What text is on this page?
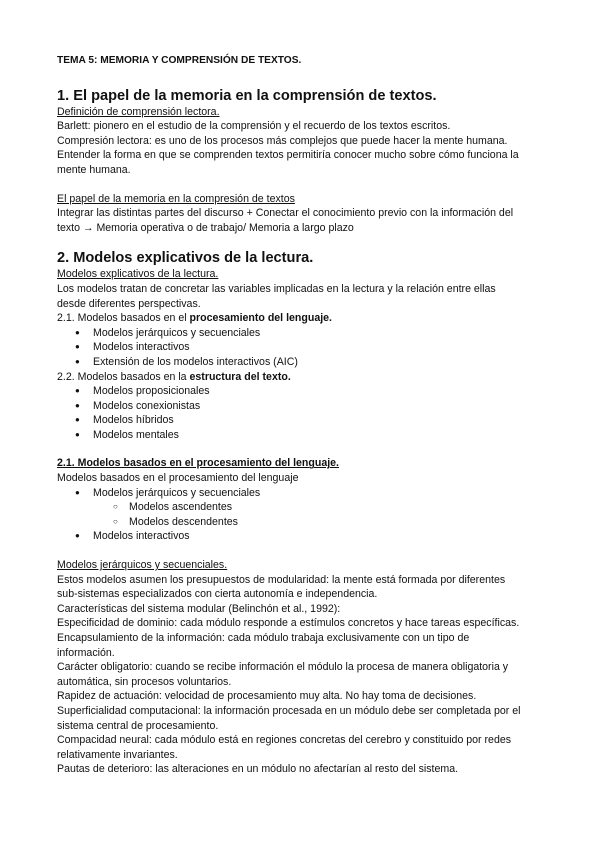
TEMA 5: MEMORIA Y COMPRENSIÓN DE TEXTOS.

1. El papel de la memoria en la comprensión de textos.

Definición de comprensión lectora.

Barlett: pionero en el estudio de la comprensión y el recuerdo de los textos escritos.

Compresión lectora: es uno de los procesos más complejos que puede hacer la mente humana.

Entender la forma en que se comprenden textos permitiría conocer mucho sobre cómo funciona la

mente humana.

El papel de la memoria en la compresión de textos

Integrar las distintas partes del discurso + Conectar el conocimiento previo con la información del

texto → Memoria operativa o de trabajo/ Memoria a largo plazo

2. Modelos explicativos de la lectura.

Modelos explicativos de la lectura.

Los modelos tratan de concretar las variables implicadas en la lectura y la relación entre ellas

desde diferentes perspectivas.

2.1. Modelos basados en el procesamiento del lenguaje.

● Modelos jerárquicos y secuenciales
● Modelos interactivos
● Extensión de los modelos interactivos (AIC)

2.2. Modelos basados en la estructura del texto.

● Modelos proposicionales
● Modelos conexionistas
● Modelos híbridos
● Modelos mentales

2.1. Modelos basados en el procesamiento del lenguaje.

Modelos basados en el procesamiento del lenguaje

● Modelos jerárquicos y secuenciales
○ Modelos ascendentes
○ Modelos descendentes
● Modelos interactivos

Modelos jerárquicos y secuenciales.

Estos modelos asumen los presupuestos de modularidad: la mente está formada por diferentes

sub-sistemas especializados con cierta autonomía e independencia.

Características del sistema modular (Belinchón et al., 1992):

Especificidad de dominio: cada módulo responde a estímulos concretos y hace tareas específicas.

Encapsulamiento de la información: cada módulo trabaja exclusivamente con un tipo de

información.

Carácter obligatorio: cuando se recibe información el módulo la procesa de manera obligatoria y

automática, sin procesos voluntarios.

Rapidez de actuación: velocidad de procesamiento muy alta. No hay toma de decisiones.

Superficialidad computacional: la información procesada en un módulo debe ser completada por el

sistema central de procesamiento.

Compacidad neural: cada módulo está en regiones concretas del cerebro y constituido por redes

relativamente invariantes.

Pautas de deterioro: las alteraciones en un módulo no afectarían al resto del sistema.
